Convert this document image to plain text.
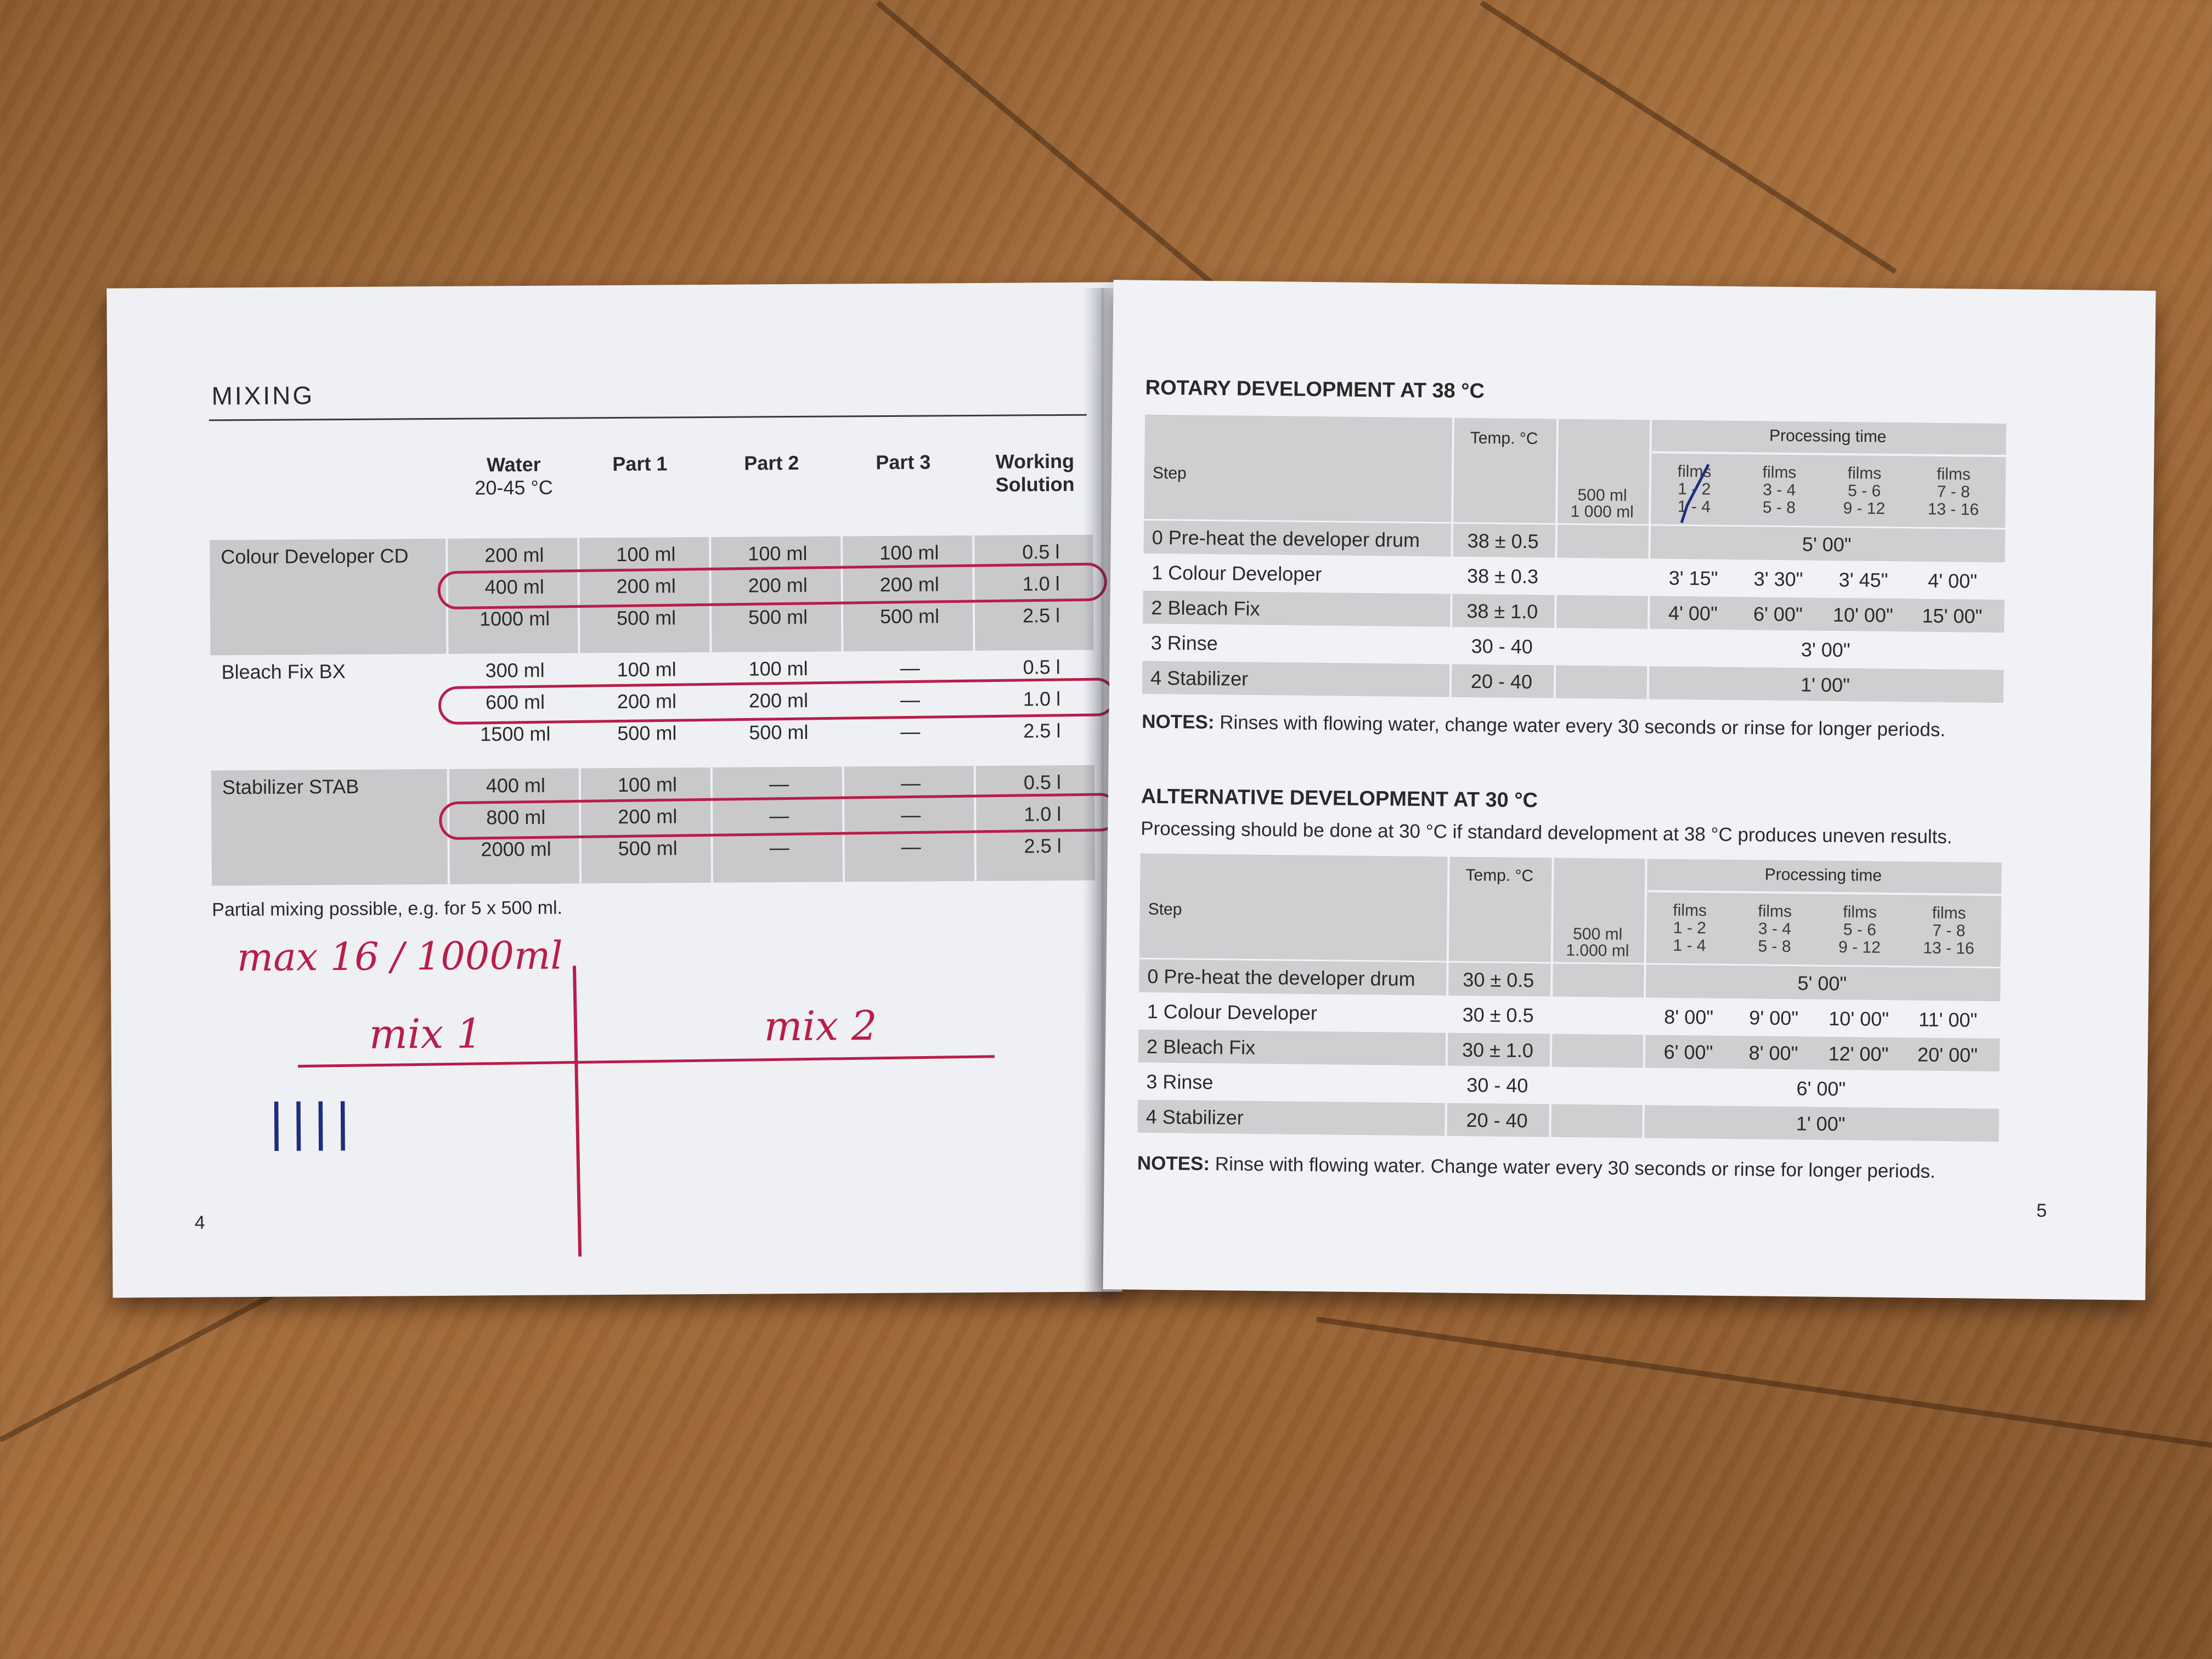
MIXING
Water
20-45 °C
Part 1	Part 2	Part 3	Working
Solution
Colour Developer CD	200 ml	100 ml	100 ml	100 ml	0.5 l
400 ml	200 ml	200 ml	200 ml	1.0 l
1000 ml	500 ml	500 ml	500 ml	2.5 l
Bleach Fix BX	300 ml	100 ml	100 ml	—	0.5 l
600 ml	200 ml	200 ml	—	1.0 l
1500 ml	500 ml	500 ml	—	2.5 l
Stabilizer STAB	400 ml	100 ml	—	—	0.5 l
800 ml	200 ml	—	—	1.0 l
2000 ml	500 ml	—	—	2.5 l
Partial mixing possible, e.g. for 5 x 500 ml.
max 16 / 1000ml
mix 1	mix 2
||||
4
ROTARY DEVELOPMENT AT 38 °C
Temp. °C	Processing time
Step
500 ml
1 000 ml
films
1 - 2
1 - 4
films
3 - 4
5 - 8
films
5 - 6
9 - 12
films
7 - 8
13 - 16
0 Pre-heat the developer drum	38 ± 0.5	5' 00"
1 Colour Developer	38 ± 0.3	3' 15"	3' 30"	3' 45"	4' 00"
2 Bleach Fix	38 ± 1.0	4' 00"	6' 00"	10' 00"	15' 00"
3 Rinse	30 - 40	3' 00"
4 Stabilizer	20 - 40	1' 00"
NOTES: Rinses with flowing water, change water every 30 seconds or rinse for longer periods.
ALTERNATIVE DEVELOPMENT AT 30 °C
Processing should be done at 30 °C if standard development at 38 °C produces uneven results.
Temp. °C	Processing time
Step
500 ml
1.000 ml
films
1 - 2
1 - 4
films
3 - 4
5 - 8
films
5 - 6
9 - 12
films
7 - 8
13 - 16
0 Pre-heat the developer drum	30 ± 0.5	5' 00"
1 Colour Developer	30 ± 0.5	8' 00"	9' 00"	10' 00"	11' 00"
2 Bleach Fix	30 ± 1.0	6' 00"	8' 00"	12' 00"	20' 00"
3 Rinse	30 - 40	6' 00"
4 Stabilizer	20 - 40	1' 00"
NOTES: Rinse with flowing water. Change water every 30 seconds or rinse for longer periods.
5
